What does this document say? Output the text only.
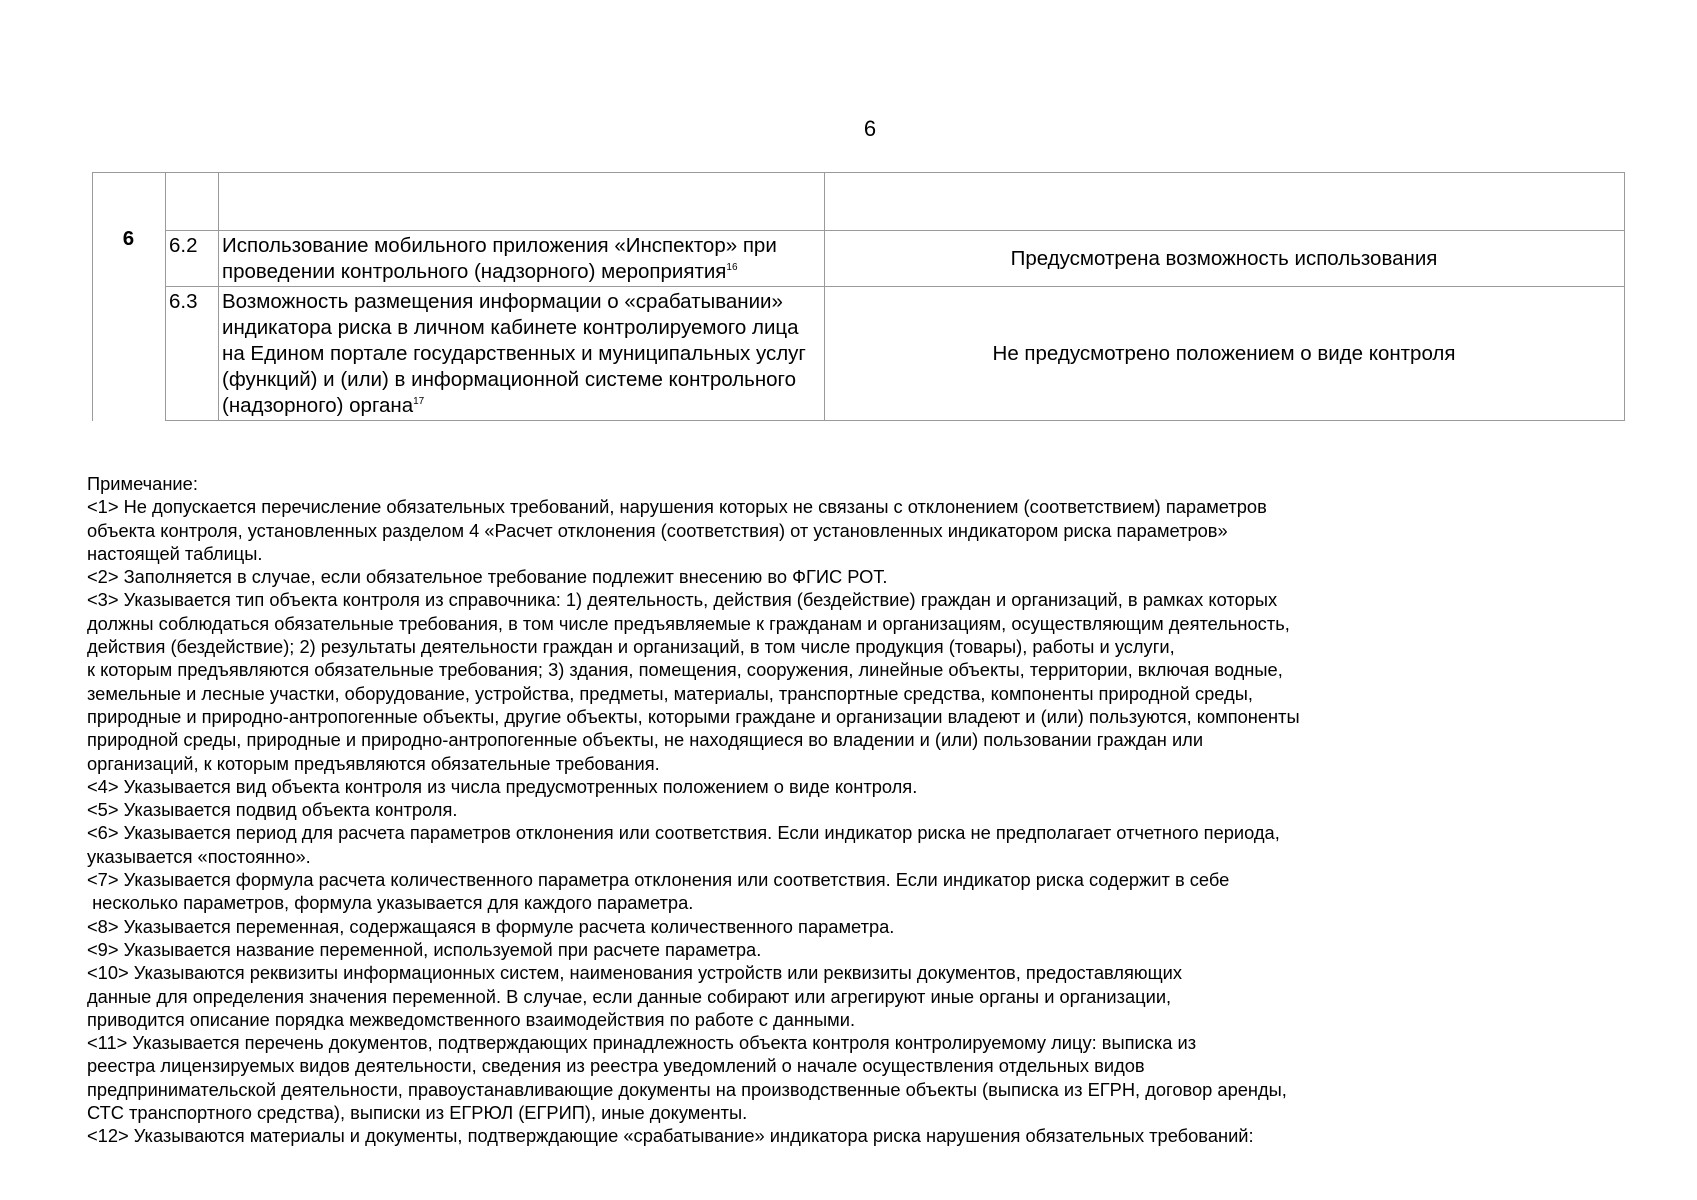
6
6			
	6.2	Использование мобильного приложения «Инспектор» при проведении контрольного (надзорного) мероприятия$^{16}$	Предусмотрена возможность использования
	6.3	Возможность размещения информации о «срабатывании» индикатора риска в личном кабинете контролируемого лица на Едином портале государственных и муниципальных услуг (функций) и (или) в информационной системе контрольного (надзорного) органа$^{17}$	Не предусмотрено положением о виде контроля
Примечание:
<1> Не допускается перечисление обязательных требований, нарушения которых не связаны с отклонением (соответствием) параметров
объекта контроля, установленных разделом 4 «Расчет отклонения (соответствия) от установленных индикатором риска параметров»
настоящей таблицы.
<2> Заполняется в случае, если обязательное требование подлежит внесению во ФГИС РОТ.
<3> Указывается тип объекта контроля из справочника: 1) деятельность, действия (бездействие) граждан и организаций, в рамках которых
должны соблюдаться обязательные требования, в том числе предъявляемые к гражданам и организациям, осуществляющим деятельность,
действия (бездействие); 2) результаты деятельности граждан и организаций, в том числе продукция (товары), работы и услуги,
к которым предъявляются обязательные требования; 3) здания, помещения, сооружения, линейные объекты, территории, включая водные,
земельные и лесные участки, оборудование, устройства, предметы, материалы, транспортные средства, компоненты природной среды,
природные и природно-антропогенные объекты, другие объекты, которыми граждане и организации владеют и (или) пользуются, компоненты
природной среды, природные и природно-антропогенные объекты, не находящиеся во владении и (или) пользовании граждан или
организаций, к которым предъявляются обязательные требования.
<4> Указывается вид объекта контроля из числа предусмотренных положением о виде контроля.
<5> Указывается подвид объекта контроля.
<6> Указывается период для расчета параметров отклонения или соответствия. Если индикатор риска не предполагает отчетного периода,
указывается «постоянно».
<7> Указывается формула расчета количественного параметра отклонения или соответствия. Если индикатор риска содержит в себе
несколько параметров, формула указывается для каждого параметра.
<8> Указывается переменная, содержащаяся в формуле расчета количественного параметра.
<9> Указывается название переменной, используемой при расчете параметра.
<10> Указываются реквизиты информационных систем, наименования устройств или реквизиты документов, предоставляющих
данные для определения значения переменной. В случае, если данные собирают или агрегируют иные органы и организации,
приводится описание порядка межведомственного взаимодействия по работе с данными.
<11> Указывается перечень документов, подтверждающих принадлежность объекта контроля контролируемому лицу: выписка из
реестра лицензируемых видов деятельности, сведения из реестра уведомлений о начале осуществления отдельных видов
предпринимательской деятельности, правоустанавливающие документы на производственные объекты (выписка из ЕГРН, договор аренды,
СТС транспортного средства), выписки из ЕГРЮЛ (ЕГРИП), иные документы.
<12> Указываются материалы и документы, подтверждающие «срабатывание» индикатора риска нарушения обязательных требований:
